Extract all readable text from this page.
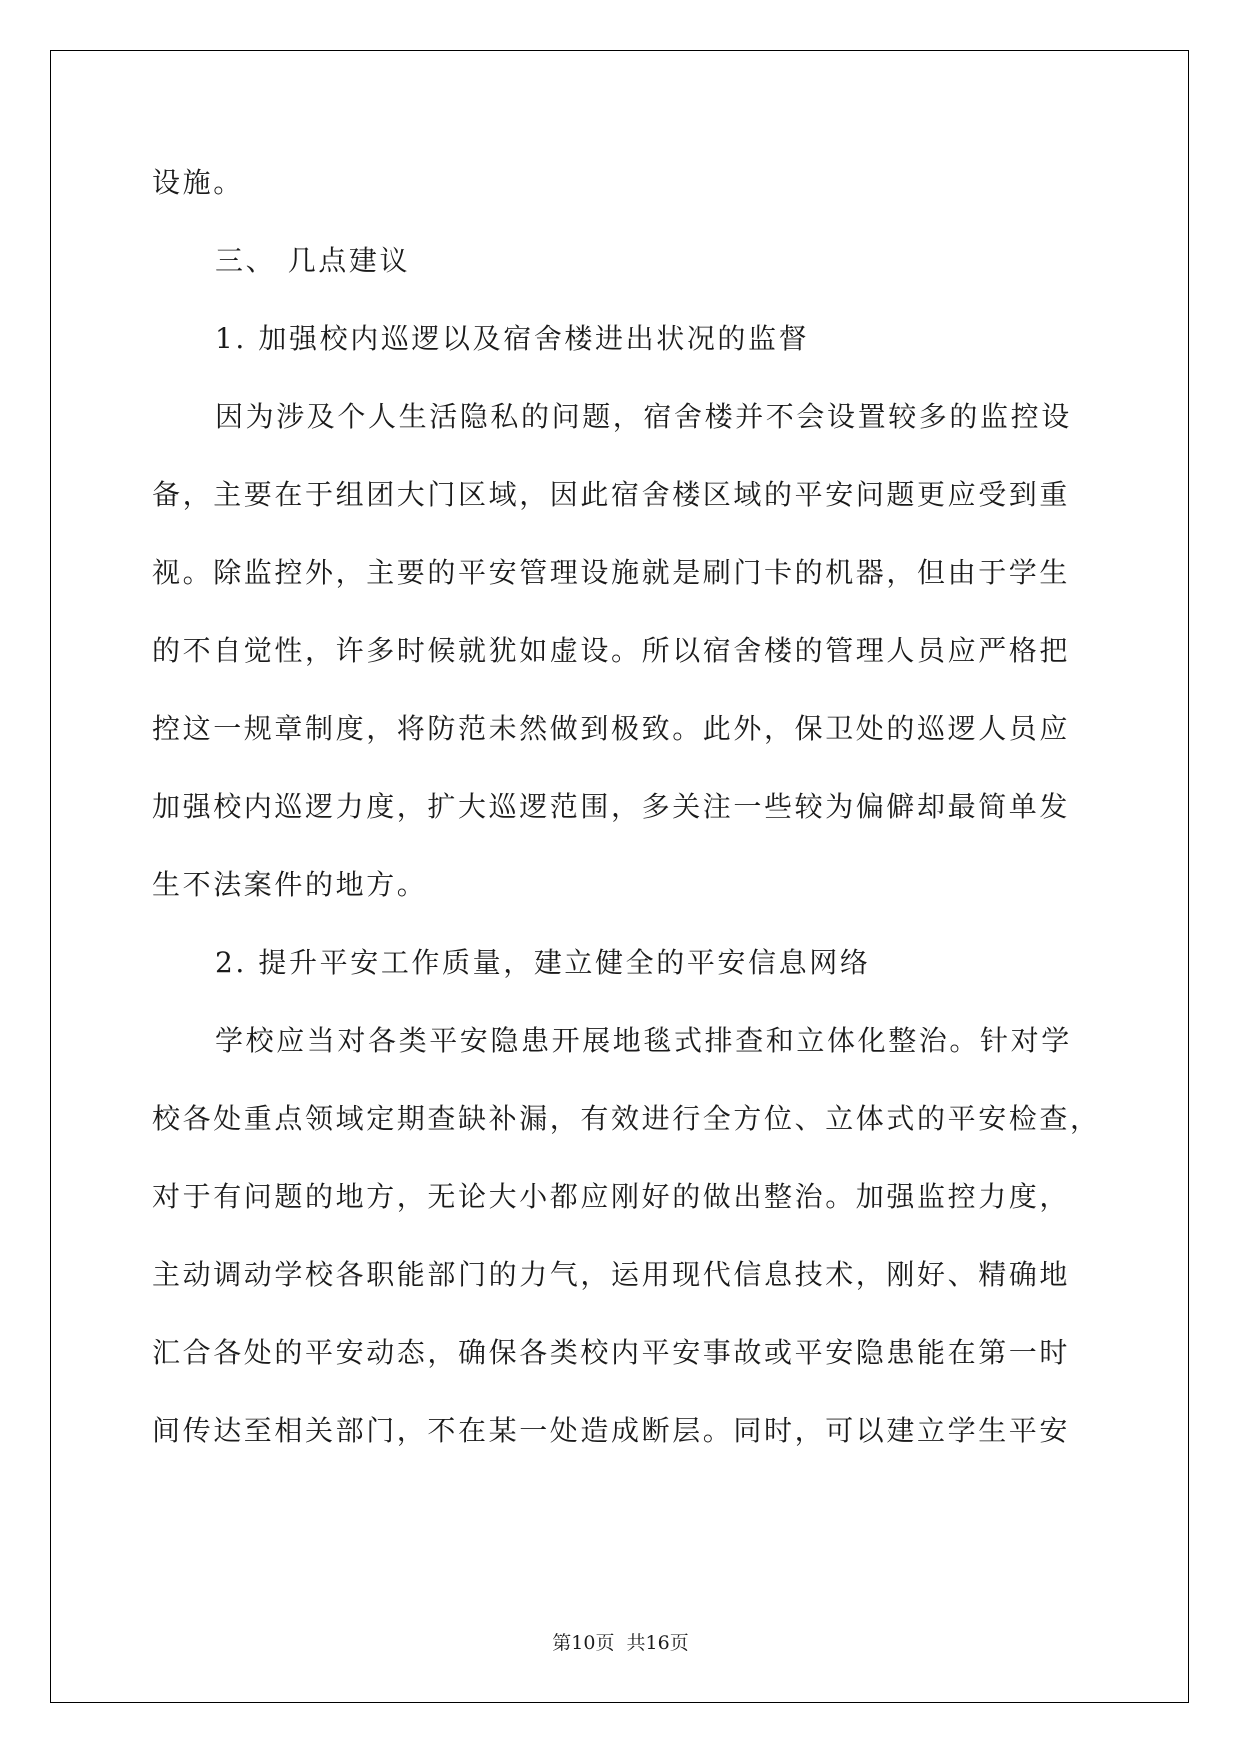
设施。
三、 几点建议
1. 加强校内巡逻以及宿舍楼进出状况的监督
因为涉及个人生活隐私的问题，宿舍楼并不会设置较多的监控设
备，主要在于组团大门区域，因此宿舍楼区域的平安问题更应受到重
视。除监控外，主要的平安管理设施就是刷门卡的机器，但由于学生
的不自觉性，许多时候就犹如虚设。所以宿舍楼的管理人员应严格把
控这一规章制度，将防范未然做到极致。此外，保卫处的巡逻人员应
加强校内巡逻力度，扩大巡逻范围，多关注一些较为偏僻却最简单发
生不法案件的地方。
2. 提升平安工作质量，建立健全的平安信息网络
学校应当对各类平安隐患开展地毯式排查和立体化整治。针对学
校各处重点领域定期查缺补漏，有效进行全方位、立体式的平安检查，
对于有问题的地方，无论大小都应刚好的做出整治。加强监控力度，
主动调动学校各职能部门的力气，运用现代信息技术，刚好、精确地
汇合各处的平安动态，确保各类校内平安事故或平安隐患能在第一时
间传达至相关部门，不在某一处造成断层。同时，可以建立学生平安
第10页  共16页
